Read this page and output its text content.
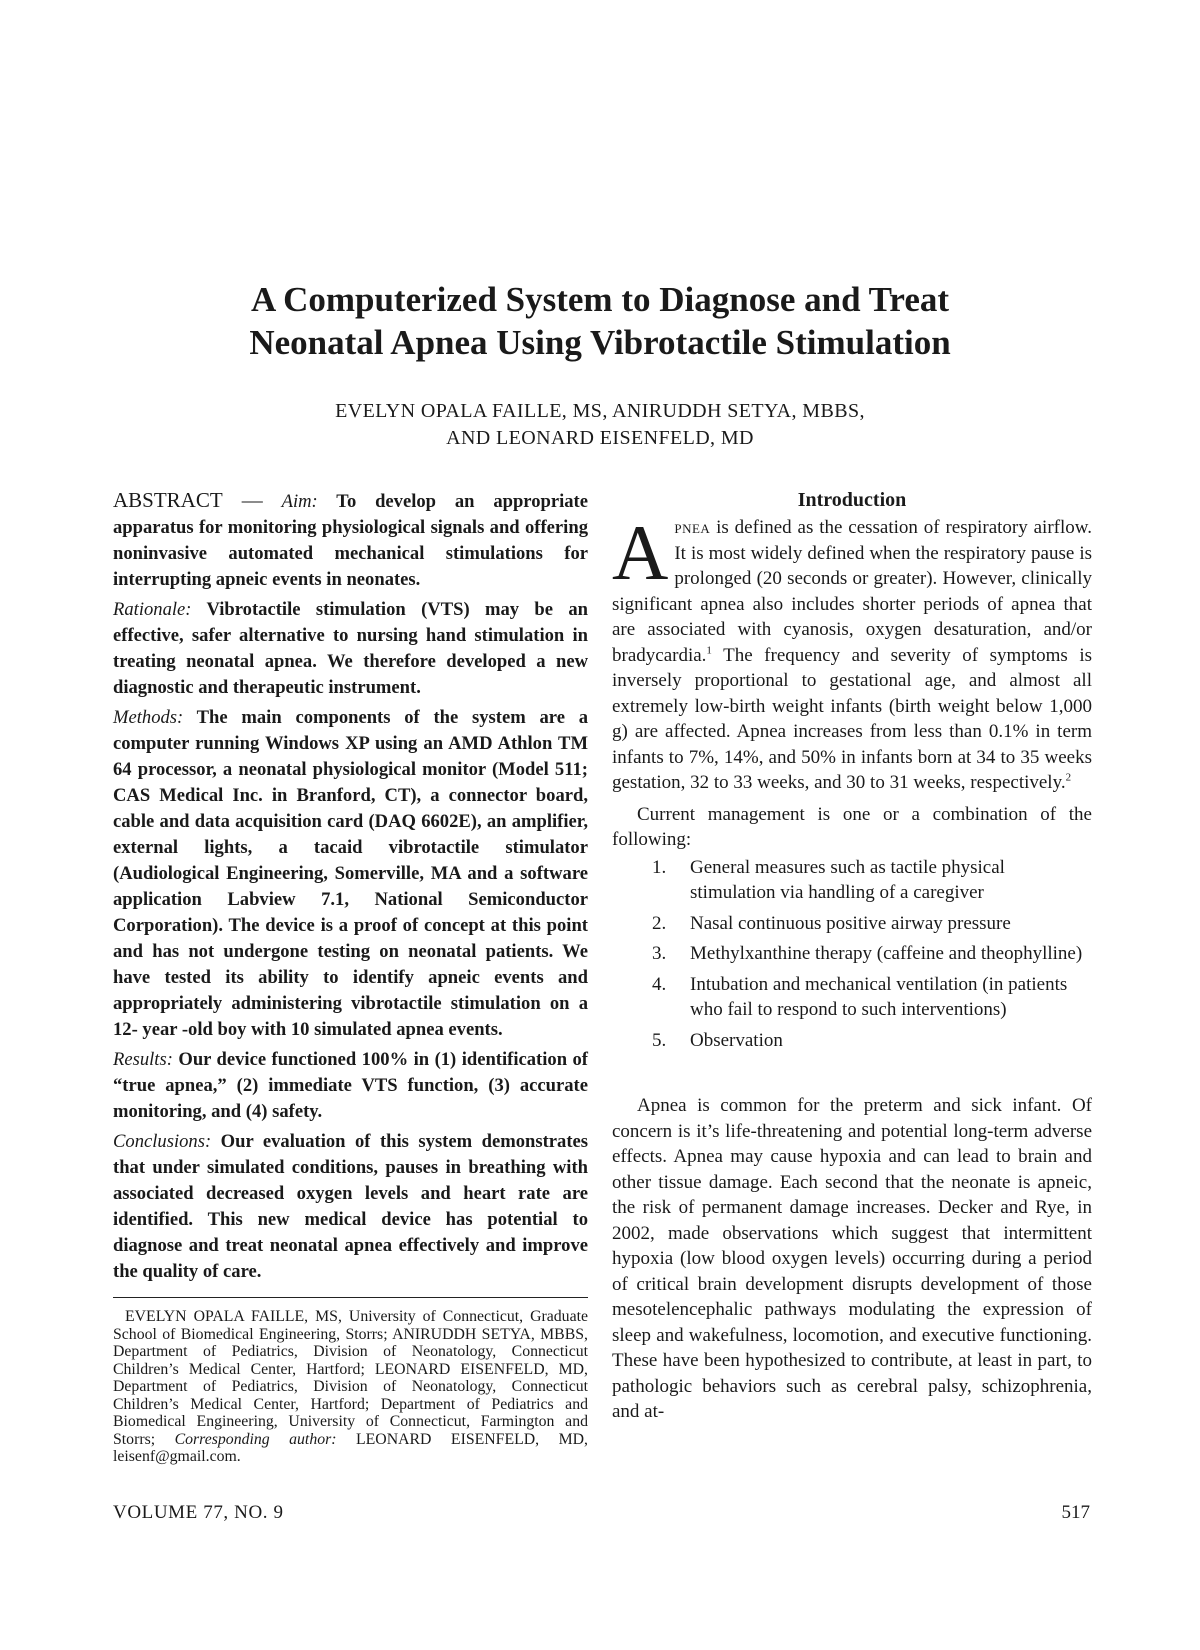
A Computerized System to Diagnose and Treat
Neonatal Apnea Using Vibrotactile Stimulation
EVELYN OPALA FAILLE, MS, ANIRUDDH SETYA, MBBS,
AND LEONARD EISENFELD, MD

ABSTRACT — Aim: To develop an appropriate apparatus for monitoring physiological signals and offering noninvasive automated mechanical stimulations for interrupting apneic events in neonates.

Rationale: Vibrotactile stimulation (VTS) may be an effective, safer alternative to nursing hand stimulation in treating neonatal apnea. We therefore developed a new diagnostic and therapeutic instrument.

Methods: The main components of the system are a computer running Windows XP using an AMD Athlon TM 64 processor, a neonatal physiological monitor (Model 511; CAS Medical Inc. in Branford, CT), a connector board, cable and data acquisition card (DAQ 6602E), an amplifier, external lights, a tacaid vibrotactile stimulator (Audiological Engineering, Somerville, MA and a software application Labview 7.1, National Semiconductor Corporation). The device is a proof of concept at this point and has not undergone testing on neonatal patients. We have tested its ability to identify apneic events and appropriately administering vibrotactile stimulation on a 12- year -old boy with 10 simulated apnea events.

Results: Our device functioned 100% in (1) identification of “true apnea,” (2) immediate VTS function, (3) accurate monitoring, and (4) safety.

Conclusions: Our evaluation of this system demonstrates that under simulated conditions, pauses in breathing with associated decreased oxygen levels and heart rate are identified. This new medical device has potential to diagnose and treat neonatal apnea effectively and improve the quality of care.

EVELYN OPALA FAILLE, MS, University of Connecticut, Graduate School of Biomedical Engineering, Storrs; ANIRUDDH SETYA, MBBS, Department of Pediatrics, Division of Neonatology, Connecticut Children’s Medical Center, Hartford; LEONARD EISENFELD, MD, Department of Pediatrics, Division of Neonatology, Connecticut Children’s Medical Center, Hartford; Department of Pediatrics and Biomedical Engineering, University of Connecticut, Farmington and Storrs; Corresponding author: LEONARD EISENFELD, MD, leisenf@gmail.com.

Introduction

Apnea is defined as the cessation of respiratory airflow. It is most widely defined when the respiratory pause is prolonged (20 seconds or greater). However, clinically significant apnea also includes shorter periods of apnea that are associated with cyanosis, oxygen desaturation, and/or bradycardia.$^1$ The frequency and severity of symptoms is inversely proportional to gestational age, and almost all extremely low-birth weight infants (birth weight below 1,000 g) are affected. Apnea increases from less than 0.1% in term infants to 7%, 14%, and 50% in infants born at 34 to 35 weeks gestation, 32 to 33 weeks, and 30 to 31 weeks, respectively.$^2$

Current management is one or a combination of the following:

1. General measures such as tactile physical stimulation via handling of a caregiver
2. Nasal continuous positive airway pressure
3. Methylxanthine therapy (caffeine and theophylline)
4. Intubation and mechanical ventilation (in patients who fail to respond to such interventions)
5. Observation

Apnea is common for the preterm and sick infant. Of concern is it’s life-threatening and potential long-term adverse effects. Apnea may cause hypoxia and can lead to brain and other tissue damage. Each second that the neonate is apneic, the risk of permanent damage increases. Decker and Rye, in 2002, made observations which suggest that intermittent hypoxia (low blood oxygen levels) occurring during a period of critical brain development disrupts development of those mesotelencephalic pathways modulating the expression of sleep and wakefulness, locomotion, and executive functioning. These have been hypothesized to contribute, at least in part, to pathologic behaviors such as cerebral palsy, schizophrenia, and at-

VOLUME 77, NO. 9	517
